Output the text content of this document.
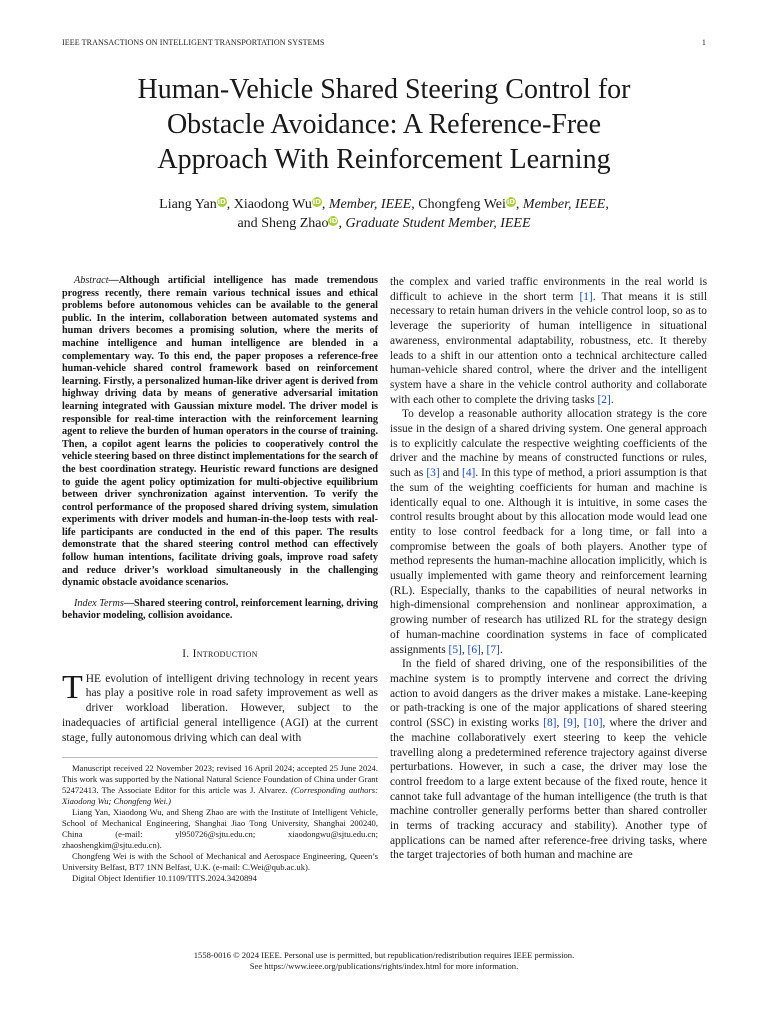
IEEE TRANSACTIONS ON INTELLIGENT TRANSPORTATION SYSTEMS	1
Human-Vehicle Shared Steering Control for
Obstacle Avoidance: A Reference-Free
Approach With Reinforcement Learning
Liang YaniD, Xiaodong WuiD, Member, IEEE, Chongfeng WeiiD, Member, IEEE,
and Sheng ZhaoiD, Graduate Student Member, IEEE

Abstract—Although artificial intelligence has made tremendous progress recently, there remain various technical issues and ethical problems before autonomous vehicles can be available to the general public. In the interim, collaboration between automated systems and human drivers becomes a promising solution, where the merits of machine intelligence and human intelligence are blended in a complementary way. To this end, the paper proposes a reference-free human-vehicle shared control framework based on reinforcement learning. Firstly, a personalized human-like driver agent is derived from highway driving data by means of generative adversarial imitation learning integrated with Gaussian mixture model. The driver model is responsible for real-time interaction with the reinforcement learning agent to relieve the burden of human operators in the course of training. Then, a copilot agent learns the policies to cooperatively control the vehicle steering based on three distinct implementations for the search of the best coordination strategy. Heuristic reward functions are designed to guide the agent policy optimization for multi-objective equilibrium between driver synchronization against intervention. To verify the control performance of the proposed shared driving system, simulation experiments with driver models and human-in-the-loop tests with real-life participants are conducted in the end of this paper. The results demonstrate that the shared steering control method can effectively follow human intentions, facilitate driving goals, improve road safety and reduce driver’s workload simultaneously in the challenging dynamic obstacle avoidance scenarios.

Index Terms—Shared steering control, reinforcement learning, driving behavior modeling, collision avoidance.

I. Introduction

THE evolution of intelligent driving technology in recent years has play a positive role in road safety improvement as well as driver workload liberation. However, subject to the inadequacies of artificial general intelligence (AGI) at the current stage, fully autonomous driving which can deal with

Manuscript received 22 November 2023; revised 16 April 2024; accepted 25 June 2024. This work was supported by the National Natural Science Foundation of China under Grant 52472413. The Associate Editor for this article was J. Alvarez. (Corresponding authors: Xiaodong Wu; Chongfeng Wei.)

Liang Yan, Xiaodong Wu, and Sheng Zhao are with the Institute of Intelligent Vehicle, School of Mechanical Engineering, Shanghai Jiao Tong University, Shanghai 200240, China (e-mail: yl950726@sjtu.edu.cn; xiaodongwu@sjtu.edu.cn; zhaoshengkim@sjtu.edu.cn).

Chongfeng Wei is with the School of Mechanical and Aerospace Engineering, Queen’s University Belfast, BT7 1NN Belfast, U.K. (e-mail: C.Wei@qub.ac.uk).

Digital Object Identifier 10.1109/TITS.2024.3420894

the complex and varied traffic environments in the real world is difficult to achieve in the short term [1]. That means it is still necessary to retain human drivers in the vehicle control loop, so as to leverage the superiority of human intelligence in situational awareness, environmental adaptability, robustness, etc. It thereby leads to a shift in our attention onto a technical architecture called human-vehicle shared control, where the driver and the intelligent system have a share in the vehicle control authority and collaborate with each other to complete the driving tasks [2].

To develop a reasonable authority allocation strategy is the core issue in the design of a shared driving system. One general approach is to explicitly calculate the respective weighting coefficients of the driver and the machine by means of constructed functions or rules, such as [3] and [4]. In this type of method, a priori assumption is that the sum of the weighting coefficients for human and machine is identically equal to one. Although it is intuitive, in some cases the control results brought about by this allocation mode would lead one entity to lose control feedback for a long time, or fall into a compromise between the goals of both players. Another type of method represents the human-machine allocation implicitly, which is usually implemented with game theory and reinforcement learning (RL). Especially, thanks to the capabilities of neural networks in high-dimensional comprehension and nonlinear approximation, a growing number of research has utilized RL for the strategy design of human-machine coordination systems in face of complicated assignments [5], [6], [7].

In the field of shared driving, one of the responsibilities of the machine system is to promptly intervene and correct the driving action to avoid dangers as the driver makes a mistake. Lane-keeping or path-tracking is one of the major applications of shared steering control (SSC) in existing works [8], [9], [10], where the driver and the machine collaboratively exert steering to keep the vehicle travelling along a predetermined reference trajectory against diverse perturbations. However, in such a case, the driver may lose the control freedom to a large extent because of the fixed route, hence it cannot take full advantage of the human intelligence (the truth is that machine controller generally performs better than shared controller in terms of tracking accuracy and stability). Another type of applications can be named after reference-free driving tasks, where the target trajectories of both human and machine are

1558-0016 © 2024 IEEE. Personal use is permitted, but republication/redistribution requires IEEE permission.
See https://www.ieee.org/publications/rights/index.html for more information.
